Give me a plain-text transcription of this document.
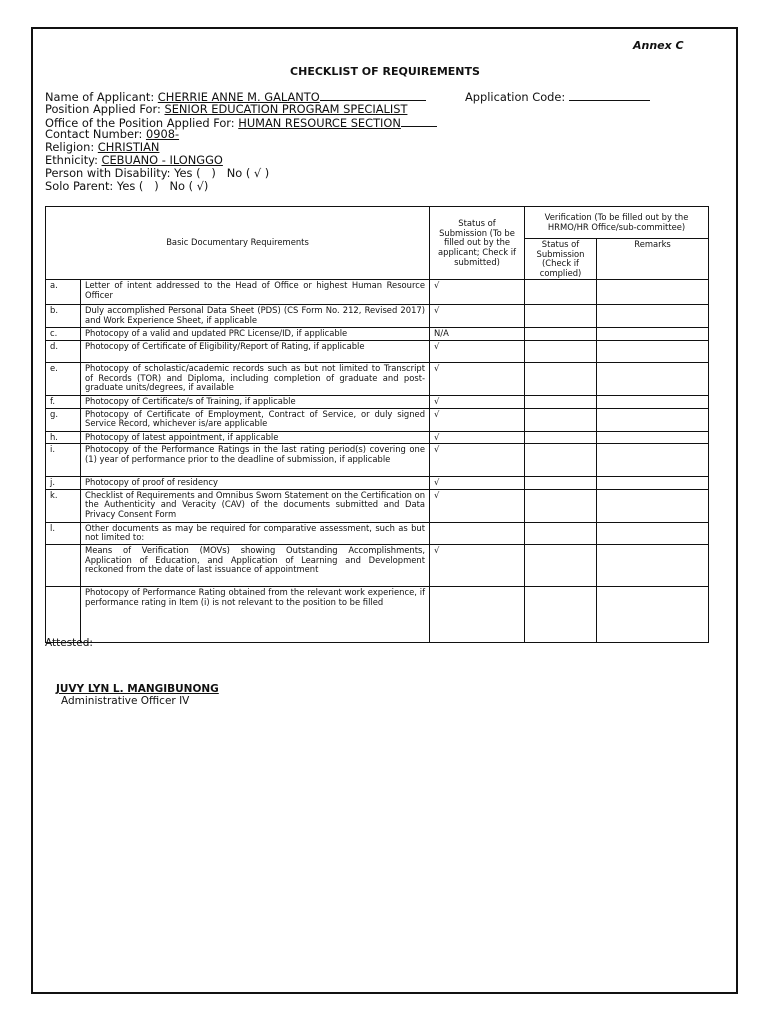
Annex C
CHECKLIST OF REQUIREMENTS
Name of Applicant: CHERRIE ANNE M. GALANTO
Position Applied For: SENIOR EDUCATION PROGRAM SPECIALIST
Office of the Position Applied For: HUMAN RESOURCE SECTION
Contact Number: 0908-
Religion: CHRISTIAN
Ethnicity: CEBUANO - ILONGGO
Person with Disability: Yes (   )   No ( √ )
Solo Parent: Yes (   )   No ( √)
Application Code:
Basic Documentary Requirements		Status of Submission (To be filled out by the applicant; Check if submitted)	Verification (To be filled out by the HRMO/HR Office/sub-committee)	
			Status of Submission (Check if complied)	Remarks
a.	Letter of intent addressed to the Head of Office or highest Human Resource Officer	√		
b.	Duly accomplished Personal Data Sheet (PDS) (CS Form No. 212, Revised 2017) and Work Experience Sheet, if applicable	√		
c.	Photocopy of a valid and updated PRC License/ID, if applicable	N/A		
d.	Photocopy of Certificate of Eligibility/Report of Rating, if applicable	√		
e.	Photocopy of scholastic/academic records such as but not limited to Transcript of Records (TOR) and Diploma, including completion of graduate and post-graduate units/degrees, if available	√		
f.	Photocopy of Certificate/s of Training, if applicable	√		
g.	Photocopy of Certificate of Employment, Contract of Service, or duly signed Service Record, whichever is/are applicable	√		
h.	Photocopy of latest appointment, if applicable	√		
i.	Photocopy of the Performance Ratings in the last rating period(s) covering one (1) year of performance prior to the deadline of submission, if applicable	√		
j.	Photocopy of proof of residency	√		
k.	Checklist of Requirements and Omnibus Sworn Statement on the Certification on the Authenticity and Veracity (CAV) of the documents submitted and Data Privacy Consent Form	√		
l.	Other documents as may be required for comparative assessment, such as but not limited to:			
	Means of Verification (MOVs) showing Outstanding Accomplishments, Application of Education, and Application of Learning and Development reckoned from the date of last issuance of appointment	√		
	Photocopy of Performance Rating obtained from the relevant work experience, if performance rating in Item (i) is not relevant to the position to be filled			
Attested:
JUVY LYN L. MANGIBUNONG
Administrative Officer IV
